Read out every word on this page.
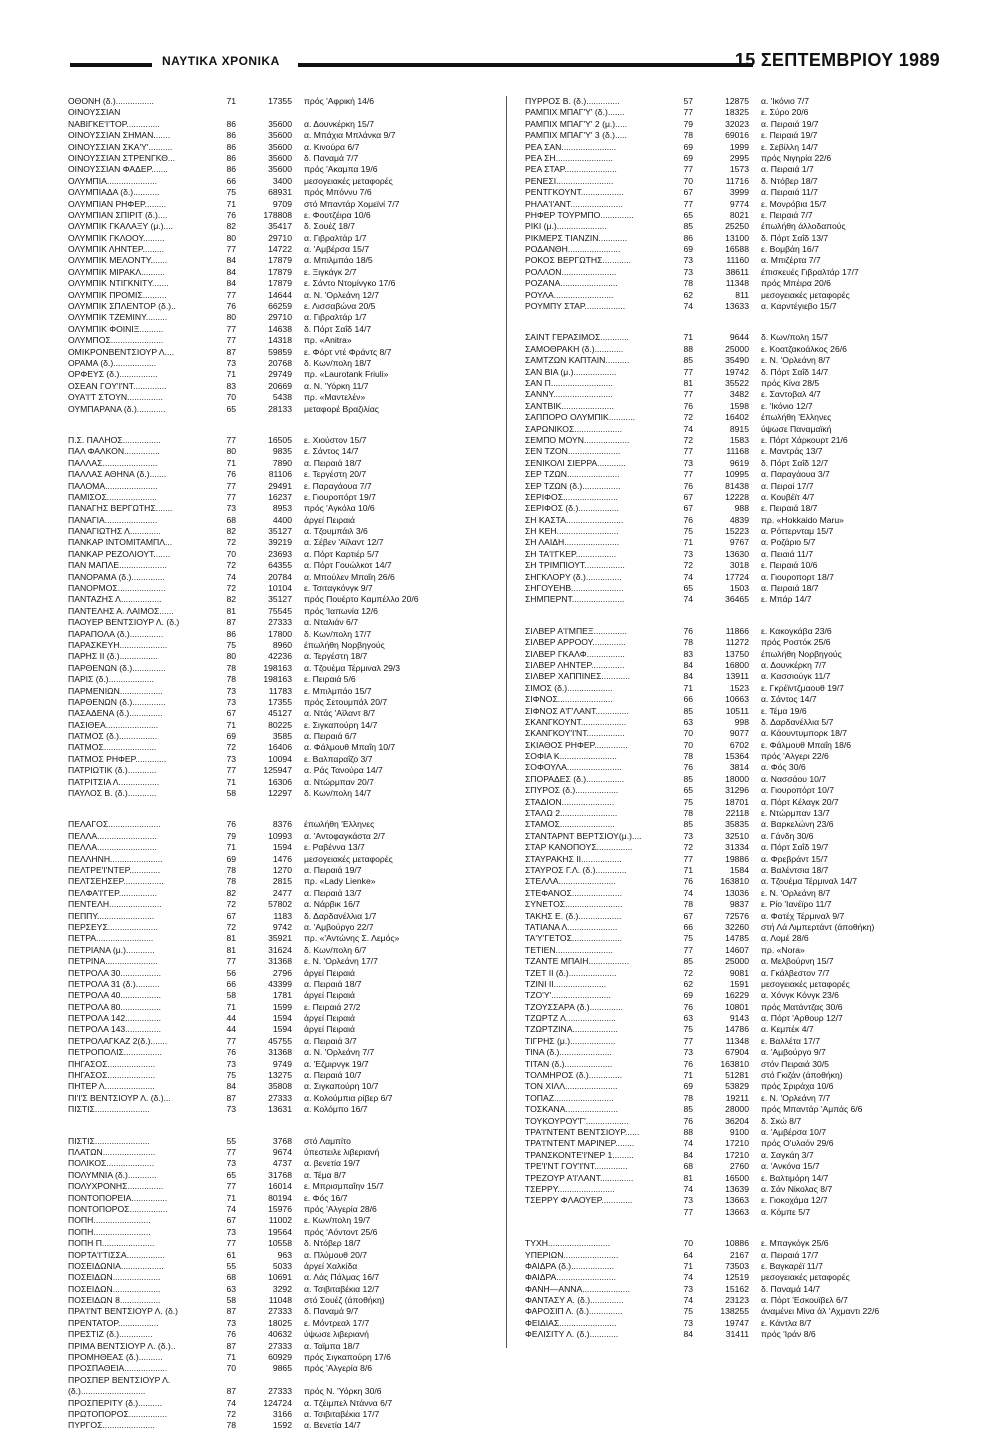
ΝΑΥΤΙΚΑ ΧΡΟΝΙΚΑ	15 ΣΕΠΤΕΜΒΡΙΟΥ 1989
ΟΘΟΝΗ (δ.)................	71	17355	πρός 'Αφρική 14/6
ΟΙΝΟΥΣΣΙΑΝ
ΝΑΒΙΓΚΕ'Ι'ΤΟΡ..............	86	35600	α. Δουνκέρκη 15/7
ΟΙΝΟΥΣΣΙΑΝ ΣΗΜΑΝ.......	86	35600	α. Μπάχια Μπλάνκα 9/7
ΟΙΝΟΥΣΣΙΑΝ ΣΚΑ'Υ'..........	86	35600	α. Κινούρα 6/7
ΟΙΝΟΥΣΣΙΑΝ ΣΤΡΕΝΓΚΘ...	86	35600	δ. Παναμά 7/7
ΟΙΝΟΥΣΣΙΑΝ ΦΑΔΕΡ.......	86	35600	πρός 'Ακαμπα 19/6
ΟΛΥΜΠΙΑ.....................	66	3400	μεσογειακές μεταφορές
ΟΛΥΜΠΙΑΔΑ (δ.)...........	75	68931	πρός Μπόννυ 7/6
ΟΛΥΜΠΙΑΝ ΡΗΦΕΡ.........	71	9709	στό Μπαντάρ Χομεϊνί 7/7
ΟΛΥΜΠΙΑΝ ΣΠΙΡΙΤ (δ.)....	76	178808	ε. Φουτζέιρα 10/6
ΟΛΥΜΠΙΚ ΓΚΑΛΑΞΥ (μ.)....	82	35417	δ. Σουέζ 18/7
ΟΛΥΜΠΙΚ ΓΚΛΟΟΥ.........	80	29710	α. Γιβραλτάρ 1/7
ΟΛΥΜΠΙΚ ΛΗΝΤΕΡ.........	77	14722	α. 'Αμβέρσα 15/7
ΟΛΥΜΠΙΚ ΜΕΛΟΝΤΥ.......	84	17879	α. Μπιλμπάο 18/5
ΟΛΥΜΠΙΚ ΜΙΡΑΚΛ..........	84	17879	ε. Ξιγκάγκ 2/7
ΟΛΥΜΠΙΚ ΝΤΙΓΚΝΙΤΥ.......	84	17879	ε. Σάντο Ντομίνγκο 17/6
ΟΛΥΜΠΙΚ ΠΡΟΜΙΣ..........	77	14644	α. Ν. 'Ορλεάνη 12/7
ΟΛΥΜΠΙΚ ΣΠΛΕΝΤΟΡ (δ.)..	76	66259	ε. Λισσαβώνα 20/5
ΟΛΥΜΠΙΚ ΤΖΕΜΙΝΥ.........	80	29710	α. Γιβραλτάρ 1/7
ΟΛΥΜΠΙΚ ΦΟΙΝΙΞ..........	77	14638	δ. Πόρτ Σαΐδ 14/7
ΟΛΥΜΠΟΣ......................	77	14318	πρ. «Anitra»
ΟΜΙΚΡΟΝΒΕΝΤΣΙΟΥΡ Λ....	87	59859	ε. Φόρτ ντέ Φράντς 8/7
ΟΡΑΜΑ (δ.)..................	73	20768	δ. Κων/πολη 18/7
ΟΡΦΕΥΣ (δ.)................	71	29749	πρ. «Laurotank Friuli»
ΟΣΕΑΝ ΓΟΥ'Ι'ΝΤ..............	83	20669	α. Ν. 'Υόρκη 11/7
ΟΥΑ'Ι'Τ ΣΤΟΥΝ...............	70	5438	πρ. «Μαντελέν»
ΟΥΜΠΑΡΑΝΑ (δ.)............	65	28133	μεταφορέ Βραζιλίας
Π.Σ. ΠΑΛΗΟΣ................	77	16505	ε. Χιούστον 15/7
ΠΑΛ ΦΑΛΚΟΝ...............	80	9835	ε. Σάντος 14/7
ΠΑΛΛΑΣ.......................	71	7890	α. Πειραιά 18/7
ΠΑΛΛΑΣ ΑΘΗΝΑ (δ.).......	76	81106	ε. Τεργέστη 20/7
ΠΑΛΟΜΑ......................	77	29491	ε. Παραγάουα 7/7
ΠΑΜΙΣΟΣ.....................	77	16237	ε. Γιουροπόρτ 19/7
ΠΑΝΑΓΗΣ ΒΕΡΓΩΤΗΣ.......	73	8953	πρός 'Αγκόλα 10/6
ΠΑΝΑΓΙΑ......................	68	4400	άργεί Πειραιά
ΠΑΝΑΓΙΩΤΗΣ Λ.............	82	35127	α. Τζουμπάιλ 3/6
ΠΑΝΚΑΡ ΙΝΤΟΜΙΤΑΜΠΛ...	72	39219	α. Σέβεν 'Αϊλαντ 12/7
ΠΑΝΚΑΡ ΡΕΖΟΛΙΟΥΤ.......	70	23693	α. Πόρτ Καρτιέρ 5/7
ΠΑΝ ΜΑΠΛΕ....................	72	64355	α. Πόρτ Γουώλκοτ 14/7
ΠΑΝΟΡΑΜΑ (δ.)..............	74	20784	α. Μπούλεν Μπαΐη 26/6
ΠΑΝΟΡΜΟΣ....................	72	10104	ε. Τσιταγκόνγκ 9/7
ΠΑΝΤΑΖΗΣ Λ.................	82	35127	πρός Πουέρτο Καμπέλλο 20/6
ΠΑΝΤΕΛΗΣ Α. ΛΑΙΜΟΣ......	81	75545	πρός 'Ιαπωνία 12/6
ΠΑΟΥΕΡ ΒΕΝΤΣΙΟΥΡ Λ. (δ.)	87	27333	α. Νταλιάν 6/7
ΠΑΡΑΠΟΛΑ (δ.)..............	86	17800	δ. Κων/πολη 17/7
ΠΑΡΑΣΚΕΥΗ....................	75	8960	έπωλήθη Νορβηγούς
ΠΑΡΗΣ ΙΙ (δ.)................	80	42236	α. Τεργέστη 18/7
ΠΑΡΘΕΝΩΝ (δ.)..............	78	198163	α. Τζουέμα Τέρμιναλ 29/3
ΠΑΡΙΣ (δ.)...................	78	198163	ε. Πειραιά 5/6
ΠΑΡΜΕΝΙΩΝ..................	73	11783	ε. Μπιλμπάο 15/7
ΠΑΡΘΕΝΩΝ (δ.)..............	73	17355	πρός Σετουμπάλ 20/7
ΠΑΣΑΔΕΝΑ (δ.)..............	67	45127	α. Ντάς 'Αϊλαντ 8/7
ΠΑΣΙΘΕΑ......................	71	80225	ε. Σιγκαπούρη 14/7
ΠΑΤΜΟΣ (δ.)................	69	3585	α. Πειραιά 6/7
ΠΑΤΜΟΣ......................	72	16406	α. Φάλμουθ Μπαΐη 10/7
ΠΑΤΜΟΣ ΡΗΦΕΡ.............	73	10094	ε. Βαλπαραΐζο 3/7
ΠΑΤΡΙΩΤΙΚ (δ.)............	77	125947	α. Ράς Τανούρα 14/7
ΠΑΤΡΙΤΣΙΑ Λ.................	71	16306	α. Ντώρμπαν 20/7
ΠΑΥΛΟΣ Β. (δ.)............	58	12297	δ. Κων/πολη 14/7
ΠΕΛΑΓΟΣ......................	76	8376	έπωλήθη 'Ελληνες
ΠΕΛΛΑ.........................	79	10993	α. 'Αντοφαγκάστα 2/7
ΠΕΛΛΑ.........................	71	1594	ε. Ραβέννα 13/7
ΠΕΛΛΗΝΗ......................	69	1476	μεσογειακές μεταφορές
ΠΕΛΤΡΕ'Ι'ΝΤΕΡ.............	78	1270	α. Πειραιά 19/7
ΠΕΛΤΣΕΗΣΕΡ.................	78	2815	πρ. «Lady Lienke»
ΠΕΛΦΑ'Ι'ΓΕΡ................	82	2477	α. Πειραιά 13/7
ΠΕΝΤΕΛΗ......................	72	57802	α. Νάρβικ 16/7
ΠΕΠΠΥ........................	67	1183	δ. Δαρδανέλλια 1/7
ΠΕΡΣΕΥΣ.....................	72	9742	α. 'Αμβούργο 22/7
ΠΕΤΡΑ........................	81	35921	πρ. «'Αντώνης Σ. Λεμός»
ΠΕΤΡΙΑΝΑ (μ.)............	81	31624	δ. Κων/πολη 6/7
ΠΕΤΡΙΝΑ......................	77	31368	ε. Ν. 'Ορλεάνη 17/7
ΠΕΤΡΟΛΑ 30.................	56	2796	άργεί Πειραιά
ΠΕΤΡΟΛΑ 31 (δ.)..........	66	43399	α. Πειραιά 18/7
ΠΕΤΡΟΛΑ 40.................	58	1781	άργεί Πειραιά
ΠΕΤΡΟΛΑ 80.................	71	1599	ε. Πειραιά 27/2
ΠΕΤΡΟΛΑ 142...............	44	1594	άργεί Πειραιά
ΠΕΤΡΟΛΑ 143...............	44	1594	άργεί Πειραιά
ΠΕΤΡΟΛΑΓΚΑΖ 2(δ.).......	77	45755	α. Πειραιά 3/7
ΠΕΤΡΟΠΟΛΙΣ................	76	31368	α. Ν. 'Ορλεάνη 7/7
ΠΗΓΑΣΟΣ....................	73	9749	α. 'Εζμιρνγκ 19/7
ΠΗΓΑΣΟΣ....................	75	13275	α. Πειραιά 10/7
ΠΗΤΕΡ Λ.....................	84	35808	α. Σιγκαπούρη 10/7
ΠΙ'Ι'Σ ΒΕΝΤΣΙΟΥΡ Λ. (δ.)...	87	27333	α. Κολούμπια ρίβερ 6/7
ΠΙΣΤΙΣ.......................	73	13631	α. Κολόμπο 16/7
ΠΙΣΤΙΣ.......................	55	3768	στό Λαμπίτο
ΠΛΑΤΩΝ......................	77	9674	ύπεστειλε λιβεριανή
ΠΟΛΙΚΟΣ....................	73	4737	α. βενετία 19/7
ΠΟΛΥΜΝΙΑ (δ.)............	65	31768	α. Τέμα 8/7
ΠΟΛΥΧΡΟΝΗΣ...............	77	16014	ε. Μπρισμπαΐην 15/7
ΠΟΝΤΟΠΟΡΕΙΑ...............	71	80194	ε. Φός 16/7
ΠΟΝΤΟΠΟΡΟΣ................	74	15976	πρός 'Αλγερία 28/6
ΠΟΠΗ........................	67	11002	ε. Κων/πολη 19/7
ΠΟΠΗ........................	73	19564	πρός 'Αόντοντ 25/6
ΠΟΠΗ Π......................	77	10558	δ. Ντόβερ 18/7
ΠΟΡΤΑ'Ι'ΤΙΣΣΑ................	61	963	α. Πλύμουθ 20/7
ΠΟΣΕΙΔΩΝΙΑ..................	55	5033	άργεί Χαλκίδα
ΠΟΣΕΙΔΩΝ....................	68	10691	α. Λάς Πάλμας 16/7
ΠΟΣΕΙΔΩΝ....................	63	3292	α. Τσιβιταβέκια 12/7
ΠΟΣΕΙΔΩΝ 8.................	58	11048	στό Σουέζ (άποθήκη)
ΠΡΑ'Ι'ΝΤ ΒΕΝΤΣΙΟΥΡ Λ. (δ.)	87	27333	δ. Παναμά 9/7
ΠΡΕΝΤΑΤΟΡ.................	73	18025	ε. Μόντρεαλ 17/7
ΠΡΕΣΤΙΖ (δ.)..............	76	40632	ύψωσε λιβεριανή
ΠΡΙΜΑ ΒΕΝΤΣΙΟΥΡ Λ. (δ.)..	87	27333	α. Ταϊμπα 18/7
ΠΡΟΜΗΘΕΑΣ (δ.)..........	71	60929	πρός Σιγκαπούρη 17/6
ΠΡΟΣΠΑΘΕΙΑ..................	70	9865	πρός 'Αλγερία 8/6
ΠΡΟΣΠΕΡ ΒΕΝΤΣΙΟΥΡ Λ.
(δ.)...........................	87	27333	πρός Ν. 'Υόρκη 30/6
ΠΡΟΣΠΕΡΙΤΥ (δ.)..........	74	124724	α. Τζέιμπελ Ντάννα 6/7
ΠΡΩΤΟΠΟΡΟΣ................	72	3166	α. Τσιβιταβέκια 17/7
ΠΥΡΓΟΣ......................	78	1592	α. Βενετία 14/7
ΠΥΡΡΟΣ Β. (δ.)..............	57	12875	α. 'Ικόνιο 7/7
ΡΑΜΠΙΧ ΜΠΑΓ'Υ' (δ.).......	77	18325	ε. Σύρο 20/6
ΡΑΜΠΙΧ ΜΠΑΓ'Υ' 2 (μ.).....	79	32023	α. Πειραιά 19/7
ΡΑΜΠΙΧ ΜΠΑΓ'Υ' 3 (δ.).....	78	69016	ε. Πειραιά 19/7
ΡΕΑ ΣΑΝ.......................	69	1999	ε. Σεβίλλη 14/7
ΡΕΑ ΣΗ........................	69	2995	πρός Νιγηρία 22/6
ΡΕΑ ΣΤΑΡ......................	77	1573	α. Πειραιά 1/7
ΡΕΝΕΣΙ........................	70	11716	δ. Ντόβερ 18/7
ΡΕΝΤΓΚΟΥΝΤ..................	67	3999	α. Πειραιά 11/7
ΡΗΛΑ'Ι'ΑΝΤ......................	77	9774	ε. Μονρόβια 15/7
ΡΗΦΕΡ ΤΟΥΡΜΠΟ..............	65	8021	ε. Πειραιά 7/7
ΡΙΚΙ (μ.).....................	85	25250	έπωλήθη άλλοδαπούς
ΡΙΚΜΕΡΣ ΤΙΑΝΖΙΝ............	86	13100	δ. Πόρτ Σαΐδ 13/7
ΡΟΔΑΝΘΗ......................	69	16588	ε. Βομβάη 16/7
ΡΟΚΟΣ ΒΕΡΓΩΤΗΣ............	73	11160	α. Μπιζέρτα 7/7
ΡΟΛΛΟΝ.......................	73	38611	έπισκευές Γιβραλτάρ 17/7
ΡΟΖΑΝΑ........................	78	11348	πρός Μπέιρα 20/6
ΡΟΥΛΑ.........................	62	811	μεσογειακές μεταφορές
ΡΟΥΜΠΥ ΣΤΑΡ.................	74	13633	α. Καρντέγιεβο 15/7
ΣΑΙΝΤ ΓΕΡΑΣΙΜΟΣ............	71	9644	δ. Κων/πολη 15/7
ΣΑΜΟΘΡΑΚΗ (δ.)............	88	25000	ε. Κοατζακοάλκος 26/6
ΣΑΜΤΖΩΝ ΚΑΠΤΑΙΝ..........	85	35490	ε. Ν. 'Ορλεάνη 8/7
ΣΑΝ ΒΙΑ (μ.)..................	77	19742	δ. Πόρτ Σαΐδ 14/7
ΣΑΝ Π..........................	81	35522	πρός Κίνα 28/5
ΣΑΝΝΥ.........................	77	3482	ε. Σαντοβαλ 4/7
ΣΑΝΤΒΙΚ......................	76	1598	ε. 'Ικόνιο 12/7
ΣΑΠΠΟΡΟ ΟΛΥΜΠΙΚ...........	72	16402	έπωλήθη 'Ελληνες
ΣΑΡΩΝΙΚΟΣ....................	74	8915	ύψωσε Παναμαϊκή
ΣΕΜΠΟ ΜΟΥΝ...................	72	1583	ε. Πόρτ Χάρκουρτ 21/6
ΣΕΝ ΤΖΟΝ......................	77	11168	ε. Μαντράς 13/7
ΣΕΝΙΚΟΛΙ ΣΙΕΡΡΑ............	73	9619	δ. Πόρτ Σαΐδ 12/7
ΣΕΡ ΤΖΩΝ......................	77	10995	α. Παραγάουα 3/7
ΣΕΡ ΤΖΩΝ (δ.)................	76	81438	α. Πειραί 17/7
ΣΕΡΙΦΟΣ.......................	67	12228	α. Κουβέϊτ 4/7
ΣΕΡΙΦΟΣ (δ.).................	67	988	ε. Πειραιά 18/7
ΣΗ ΚΑΣΤΑ........................	76	4839	πρ. «Hokkaido Maru»
ΣΗ ΚΕΗ..........................	75	15223	α. Ρόττερνταμ 15/7
ΣΗ ΛΑΙΔΗ.......................	71	9767	α. Ροζάριο 5/7
ΣΗ ΤΑ'Ι'ΓΚΕΡ.................	73	13630	α. Πειαιά 11/7
ΣΗ ΤΡΙΜΠΙΟΥΤ.................	72	3018	ε. Πειραιά 10/6
ΣΗΓΚΛΟΡΥ (δ.)...............	74	17724	α. Γιουροπορτ 18/7
ΣΗΓΟΥΕΗΒ......................	65	1503	α. Πειραιά 18/7
ΣΗΜΠΕΡΝΤ......................	74	36465	ε. Μπάρ 14/7
ΣΙΛΒΕΡ Α'Ι'ΜΠΕΞ..............	76	11866	ε. Κακογκάβα 23/6
ΣΙΛΒΕΡ ΑΡΡΟΟΥ..............	78	11272	πρός Ροστόκ 25/6
ΣΙΛΒΕΡ ΓΚΑΛΦ................	83	13750	έπωλήθη Νορβηγούς
ΣΙΛΒΕΡ ΛΗΝΤΕΡ..............	84	16800	α. Δουνκέρκη 7/7
ΣΙΛΒΕΡ ΧΑΠΠΙΝΕΣ............	84	13911	α. Κασσιούγκ 11/7
ΣΙΜΟΣ (δ.)...................	71	1523	ε. Γκρέϊντζμαουθ 19/7
ΣΙΦΝΟΣ.......................	66	10663	α. Σάντος 14/7
ΣΙΦΝΟΣ Α'Γ'ΛΑΝΤ..............	85	10511	ε. Τέμα 19/6
ΣΚΑΝΓΚΟΥΝΤ...................	63	998	δ. Δαρδανέλλια 5/7
ΣΚΑΝΓΚΟΥ'Ι'ΝΤ................	70	9077	α. Κάουντυμπορκ 18/7
ΣΚΙΑΘΟΣ ΡΗΦΕΡ..............	70	6702	ε. Φάλμουθ Μπαΐη 18/6
ΣΟΦΙΑ Κ........................	78	15364	πρός 'Αλγερι 22/6
ΣΟΦΟΥΛΑ.......................	76	3814	α. Φός 30/6
ΣΠΟΡΑΔΕΣ (δ.)................	85	18000	α. Νασσάου 10/7
ΣΠΥΡΟΣ (δ.)..................	65	31296	α. Γιουροπόρτ 10/7
ΣΤΑΔΙΟΝ......................	75	18701	α. Πόρτ Κέλαγκ 20/7
ΣΤΑΛΩ 2........................	78	22118	ε. Ντώρμπαν 13/7
ΣΤΑΜΟΣ.......................	85	35835	α. Βαρκελώνη 23/6
ΣΤΑΝΤΑΡΝΤ ΒΕΡΤΣΙΟΥ(μ.)....	73	32510	α. Γάνδη 30/6
ΣΤΑΡ ΚΑΝΟΠΟΥΣ...............	72	31334	α. Πόρτ Σαΐδ 19/7
ΣΤΑΥΡΑΚΗΣ ΙΙ.................	77	19886	α. Φρεβράντ 15/7
ΣΤΑΥΡΟΣ Γ.Λ. (δ.).............	71	1584	α. Βαλέντσια 18/7
ΣΤΕΛΛΑ........................	76	163810	α. Τζουέμα Τέρμιναλ 14/7
ΣΤΕΦΑΝΟΣ.....................	74	13036	ε. Ν. 'Ορλεάνη 8/7
ΣΥΝΕΤΟΣ........................	78	9837	ε. Ρίο 'Ιανέϊρο 11/7
ΤΑΚΗΣ Ε. (δ.)..................	67	72576	α. Φατέχ Τέρμιναλ 9/7
ΤΑΤΙΑΝΑ Λ.....................	66	32260	στή Λά Λιμπερτάντ (άποθήκη)
ΤΑ'Υ'ΓΕΤΟΣ.....................	75	14785	α. Λομέ 28/6
ΤΕΤΙΕΝ........................	77	14607	πρ. «Nora»
ΤΖΑΝΤΕ ΜΠΑΙΗ.................	85	25000	α. Μελβούρνη 15/7
ΤΖΕΤ ΙΙ (δ.)....................	72	9081	α. Γκάλβεστον 7/7
ΤΖΙΝΙ ΙΙ......................	62	1591	μεσογειακές μεταφορές
ΤΖΟ'Υ'.........................	69	16229	α. Χόνγκ Κόνγκ 23/6
ΤΖΟΥΣΣΑΡΑ (δ.)..............	76	10801	πρός Ματάντζας 30/6
ΤΖΩΡΤΖ Λ.....................	63	9143	α. Πόρτ 'Αρθουρ 12/7
ΤΖΩΡΤΖΙΝΑ...................	75	14786	α. Κεμπέκ 4/7
ΤΙΓΡΗΣ (μ.)...................	77	11348	ε. Βαλλέτα 17/7
ΤΙΝΑ (δ.)......................	73	67904	α. 'Αμβούργο 9/7
ΤΙΤΑΝ (δ.)....................	76	163810	στόν Πειραιά 30/5
ΤΟΛΜΗΡΟΣ (δ.)..............	71	51281	στό Γκιζάν (άποθήκη)
ΤΟΝ ΧΙΛΛ......................	69	53829	πρός Σριράχα 10/6
ΤΟΠΑΖ.........................	78	19211	ε. Ν. 'Ορλεάνη 7/7
ΤΟΣΚΑΝΑ......................	85	28000	πρός Μπαντάρ 'Αμπάς 6/6
ΤΟΥΚΟΥΡΟΥ'Γ'..................	76	36204	δ. Σκώ 8/7
ΤΡΑ'Ι'ΝΤΕΝΤ ΒΕΝΤΣΙΟΥΡ......	88	9100	α. 'Αμβέρσα 10/7
ΤΡΑ'Ι'ΝΤΕΝΤ ΜΑΡΙΝΕΡ........	74	17210	πρός Ο'υλαόν 29/6
ΤΡΑΝΣΚΟΝΤΕ'Ι'ΝΕΡ 1.........	84	17210	α. Σαγκάη 3/7
ΤΡΕ'Ι'ΝΤ ΓΟΥ'Ι'ΝΤ..............	68	2760	α. 'Ανκόνα 15/7
ΤΡΕΖΟΥΡ Α'Ι'ΛΑΝΤ..............	81	16500	ε. Βαλτιμόρη 14/7
ΤΣΕΡΡΥ........................	74	13639	α. Σάν Νίκολας 8/7
ΤΣΕΡΡΥ ΦΛΑΟΥΕΡ.............	73	13663	ε. Γιοκοχάμα 12/7
77	13663	α. Κόμπε 5/7
ΤΥΧΗ..........................	70	10886	ε. Μπαγκόγκ 25/6
ΥΠΕΡΙΩΝ.......................	64	2167	α. Πειραιά 17/7
ΦΑΙΔΡΑ (δ.)..................	71	73503	ε. Βαγκαρέϊ 11/7
ΦΑΙΔΡΑ.........................	74	12519	μεσογειακές μεταφορές
ΦΑΝΗ—ΑΝΝΑ....................	73	15162	δ. Παναμά 14/7
ΦΑΝΤΑΣΥ Α. (δ.)..............	74	23123	α. Πόρτ 'Εσκουϊβελ 6/7
ΦΑΡΟΣΙΠ Λ. (δ.)..............	75	138255	άναμένει Μίνα άλ 'Αχμαντι 22/6
ΦΕΙΔΙΑΣ........................	73	19747	ε. Κάντλα 8/7
ΦΕΛΙΣΙΤΥ Λ. (δ.)............	84	31411	πρός 'Ιράν 8/6
